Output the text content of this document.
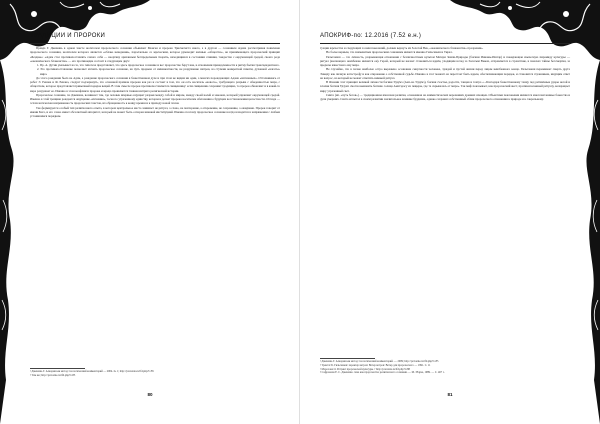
ТРАДИЦИИ И ПРОРОКИ

Правда Г. Джевашь в одном тексте носителем пророческого сознания объявляет Моисея и пророка Трисмегиста иного, а в другом — сознанием Адама рассматривая появление пророческого сознания, носителем которого является «облако неведения», параллельно со жреческим, которое руководит жизнью «общества», не принимающего пророческий принцип «Бездны»: «Адам стал противопоставлять самого себя — неортику аризанным беспредельным творить, находящимся в состоянии слияния, тождества с окружающей средой, своего рода «океанического блаженства» — его противоядие состоит в следующем двух:

1. Пр. А. Дугин указывает на то, что гипотеза представляет, что здесь пророческое сознание и вес пророчество берут вне, в отношении принадлежности к ритму бытия трансцендентного.
2. Это противопоставление позволяет изгнать пророческое сознание, на путь прорыва от имманентности, не разрушение шатров, на ступени конкретной памяти, духовной «наготы» мира.

До этого рождения была не Адам, а рождение пророческого сознания в божественном духе и при этом не видим ни один, а многих порождающих Адама «изгнанных». Отталкиваясь от работ Э. Ренана и Ф. Ренана, следует подчеркнуть, что основной признак пророка как раз и состоит в том, что он есть носитель «нового», требующего разрыва с обыденностью мира, с обществом, которое представляет привычный порядок вещей. В этом смысле пророк противопоставляется священнику: если священник сохраняет традицию, то пророк обновляет и в какой-то мере разрушает ее. Именно в этом конфликте пророка и жреца проявляется главная интрига религиозной истории.

Пророческое сознание, по Джеваше, возникает там, где человек впервые ощущает разрыв между собой и миром, между своей волей и законом, который управляет окружающей средой. Именно в этой трещине рождается ощущение «изгнания», тоска по утраченному единству, которая и делает пророка носителем обетования о будущем восстановлении целостности. Отсюда — эсхатологическая напряженность пророческих текстов, их обращенность к концу времен и к приходу новой эпохи.

Так формируется особый тип религиозного опыта, в котором центральное место занимает не ритуал, а слово, не повторение, а откровение, не сохранение, а ожидание. Пророк говорит от имени Бога, и его слово имеет абсолютный авторитет, который не может быть оспорен никакой институцией. Именно поэтому пророческое сознание всегда находится в напряжении с любым устоявшимся порядком.

¹ Джевашь Г. Алкория как метод: теологический комментарий — 2004. № 1; http://pravenie.ru/tfd.php?t=85
² Там же; http://pravenie.ru/tfd.php?t=85
80
АПОКРИФ-по: 12.2016 (7.52 е.н.)

туации жречества и следующих за ним поколений, должен вернуть их Золотой Век, «океанического блаженства» прозрения».

Но более верным, что знаменитым пророческим сознанием является именно Гильгамеш и Тирал.

Гильгамеш — это личность, разрывающая отношения с безличностным культом Матери Земли-Природы (богини Иннаны-Иштар) и покидающая языческую пирамиду культуры — ритуал (желающего неизбежно является он). Герой, который не желает становиться царём, уходящим вслед за Золотым Веком, отправляется в странствие, в поисках тайны бессмертия, за пределы известного ему мира.

Не случайно, что в поэме наиболее остро выражено осознание смертности человека, чуждой и пустой жизни перед лицом неизбежного конца. Гильгамеш переживает смерть друга Энкиду как личную катастрофу и как откровение о собственной судьбе. Именно в этот момент он перестает быть царем, обеспечивающим порядок, и становится странником, ищущим ответ на вопрос, на который не может ответить никакой ритуал.

В Японии этот принцип великой личности богиня Удзумэ (Амэ-но Удзумэ), богиня счастья, радости, танцев и театра «...Благодаря божественному танцу под ритмичные удары ногой и хлопки богиня Удзумэ смогла выманить богиню солнца Аматэрасу из пещеры, где та скрывалась от мира». Так миф показывает, как пророческий жест, противоположный ритуалу, возвращает миру утраченный свет.

Синто (яп. «путь богов») — традиционная японская религия, основанная на анимистических верованиях древних японцев. Объектами поклонения являются многочисленные божества и духи умерших. Синто испытал в своём развитии значительное влияние буддизма, однако сохранил собственный облик пророческого отношения к природе и к сакральному.

¹ Джевашь Г. Алкория как метод: теологический комментарий. — 2009; http://pravenie.ru/tfd.php?t=85
² Трактат Б. Гильгамеш: характер ветров: Ветер ветров: Ветер для пророческого — 1991. С. 11
³ Морозова О. Ретракт пророческой культуры // http://pravenie.ru/tfd.php?t=88
⁴ Сафронова Е. С. Джевашь: сама как пророчество религиозного сознания. — М.: Наука, 1989. — С. 467 с.
81
